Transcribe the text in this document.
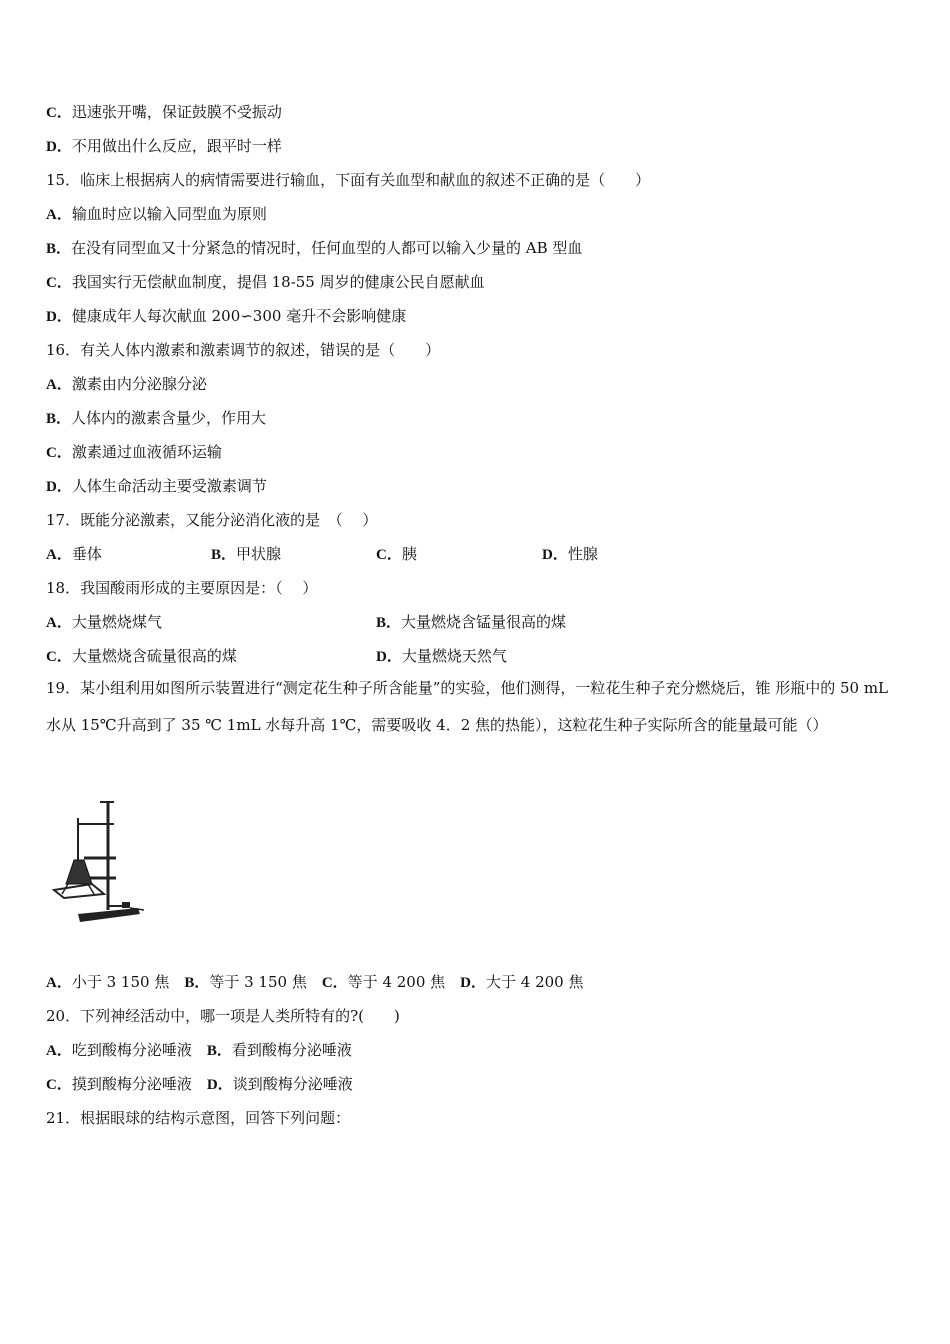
C．迅速张开嘴，保证鼓膜不受振动
D．不用做出什么反应，跟平时一样
15．临床上根据病人的病情需要进行输血，下面有关血型和献血的叙述不正确的是（　　）
A．输血时应以输入同型血为原则
B．在没有同型血又十分紧急的情况时，任何血型的人都可以输入少量的 AB 型血
C．我国实行无偿献血制度，提倡 18-55 周岁的健康公民自愿献血
D．健康成年人每次献血 200∽300 毫升不会影响健康
16．有关人体内激素和激素调节的叙述，错误的是（　　）
A．激素由内分泌腺分泌
B．人体内的激素含量少，作用大
C．激素通过血液循环运输
D．人体生命活动主要受激素调节
17．既能分泌激素，又能分泌消化液的是　（　 ）
A．垂体	B．甲状腺	C．胰	D．性腺
18．我国酸雨形成的主要原因是：（　 ）
A．大量燃烧煤气	B．大量燃烧含锰量很高的煤
C．大量燃烧含硫量很高的煤	D．大量燃烧天然气
19．某小组利用如图所示装置进行“测定花生种子所含能量”的实验，他们测得，一粒花生种子充分燃烧后，锥 形瓶中的 50 mL 水从 15℃升高到了 35 ℃ 1mL 水每升高 1℃，需要吸收 4．2 焦的热能），这粒花生种子实际所含的能量最可能（）
A．小于 3 150 焦  B．等于 3 150 焦  C．等于 4 200 焦  D．大于 4 200 焦
20．下列神经活动中，哪一项是人类所特有的?(　　)
A．吃到酸梅分泌唾液  B．看到酸梅分泌唾液
C．摸到酸梅分泌唾液  D．谈到酸梅分泌唾液
21．根据眼球的结构示意图，回答下列问题：
